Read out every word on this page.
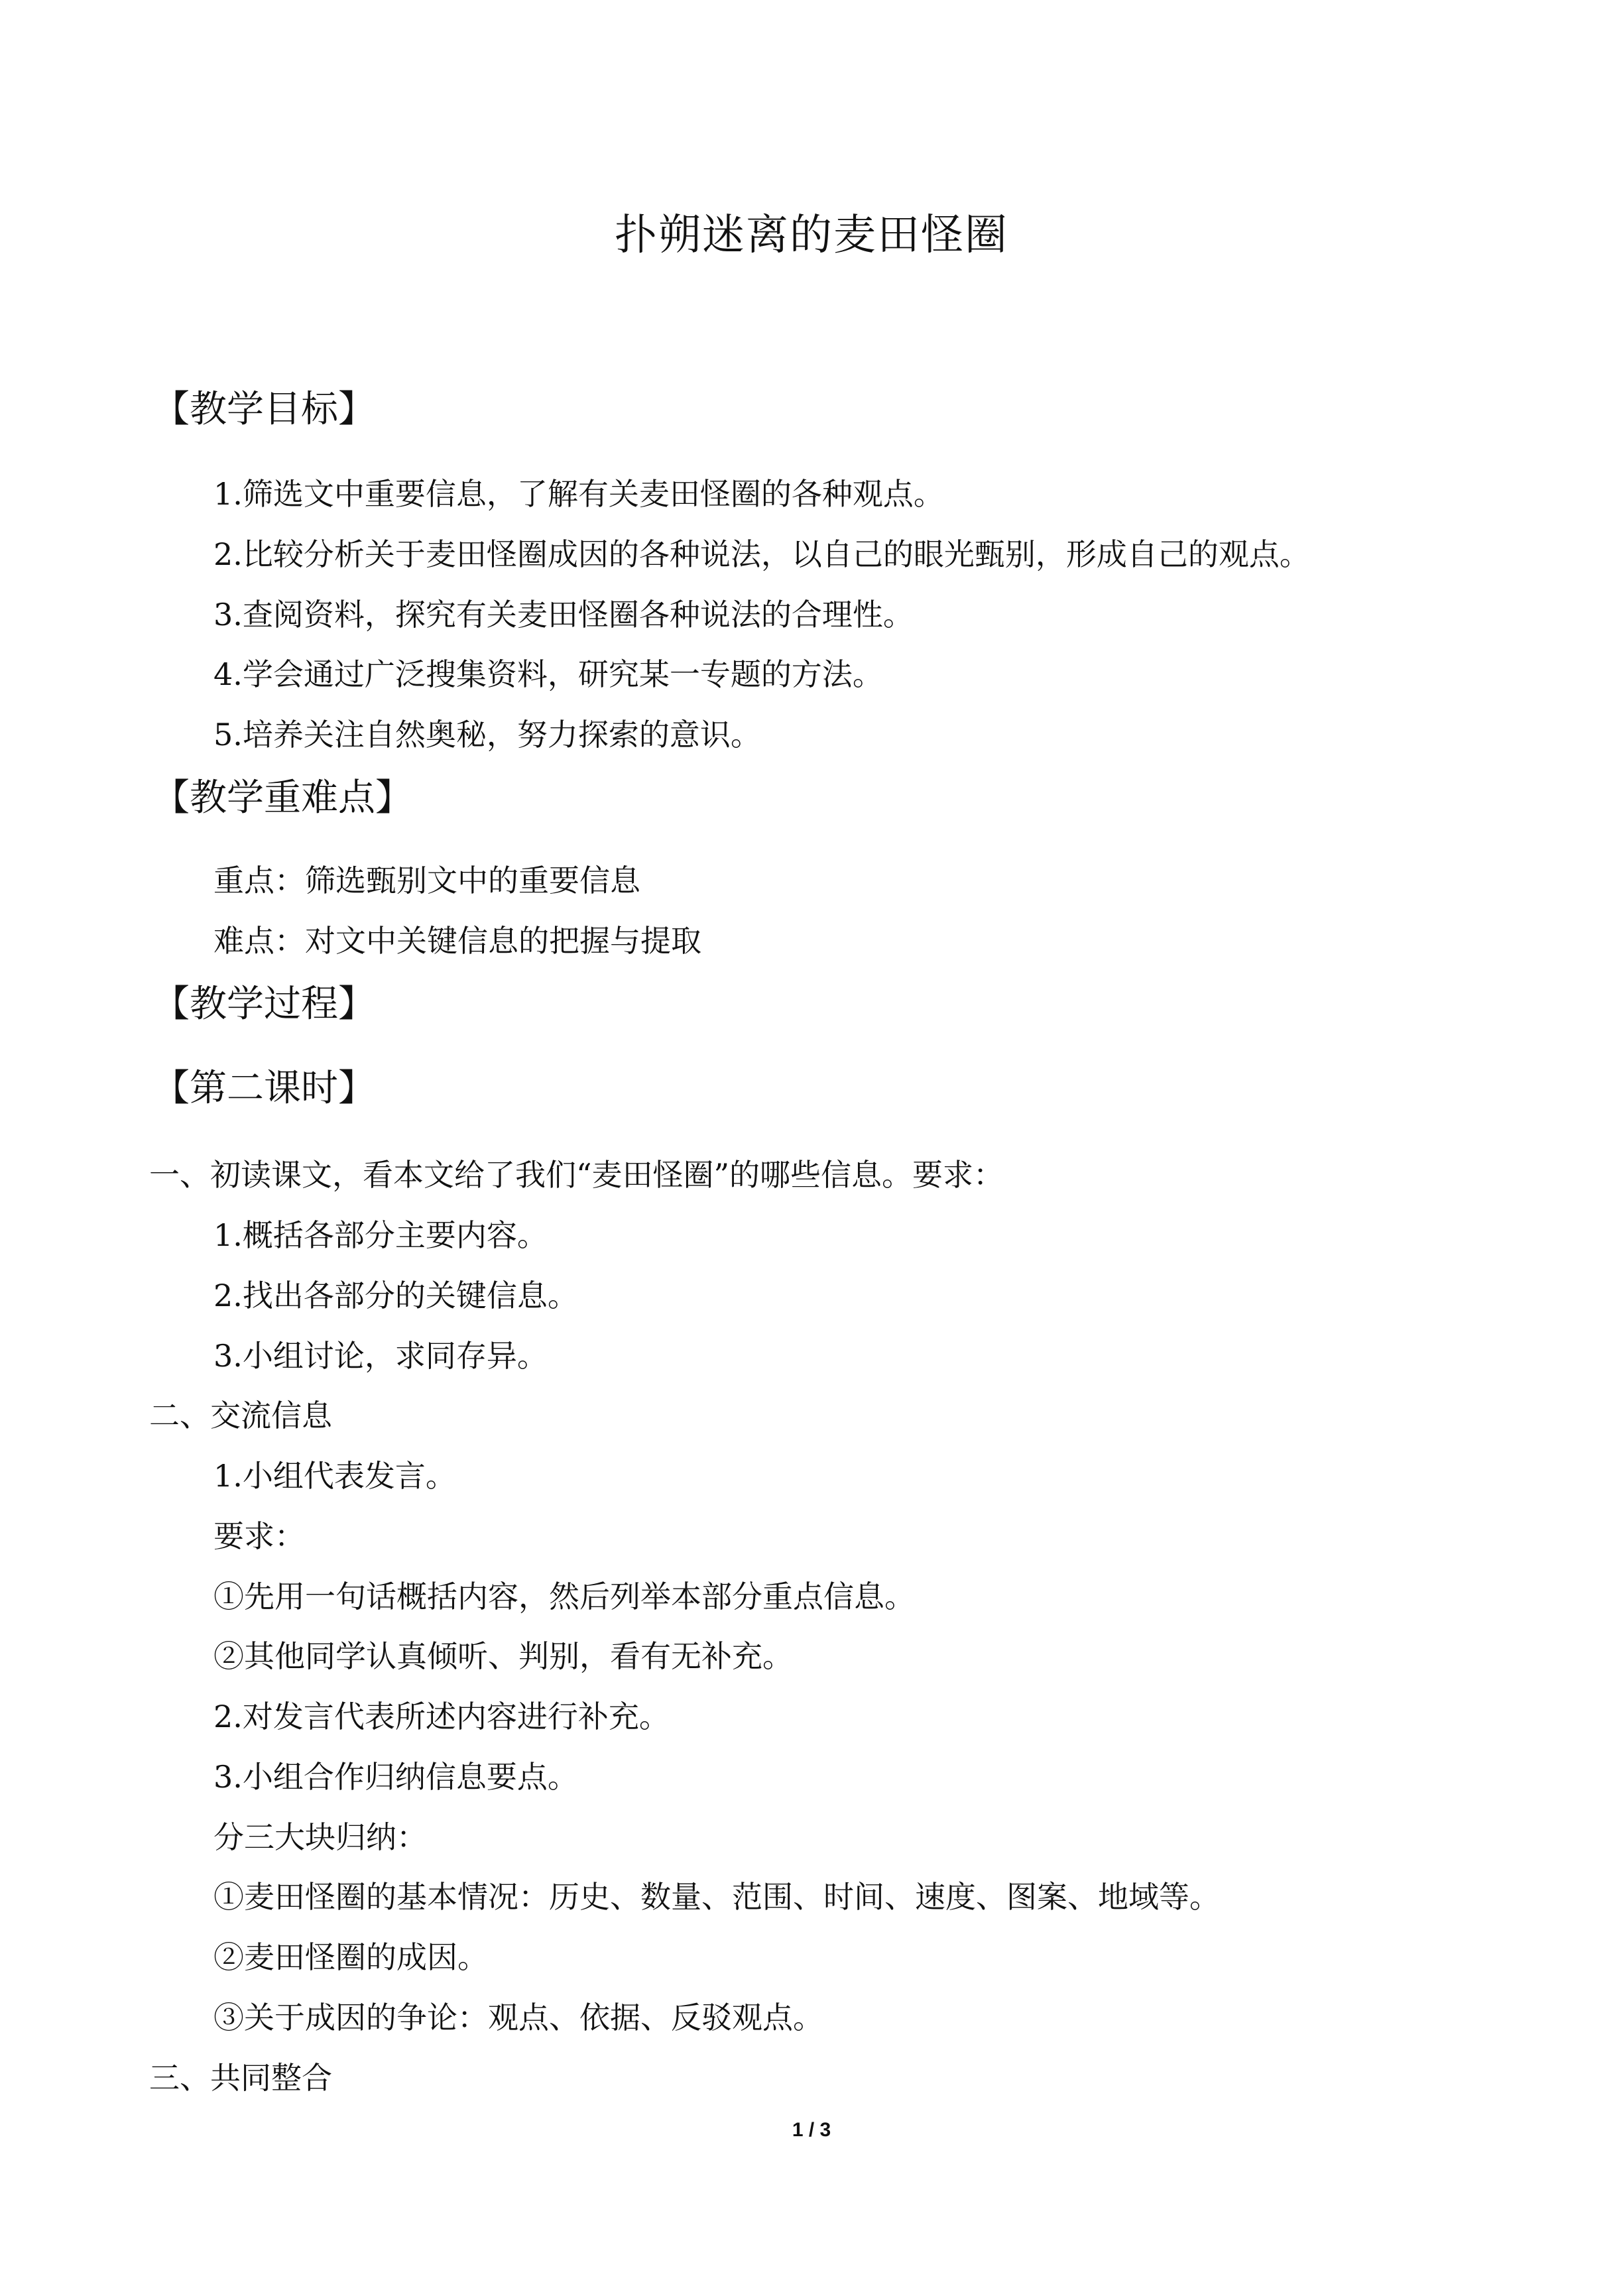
扑朔迷离的麦田怪圈
【教学目标】
1.筛选文中重要信息，了解有关麦田怪圈的各种观点。
2.比较分析关于麦田怪圈成因的各种说法，以自己的眼光甄别，形成自己的观点。
3.查阅资料，探究有关麦田怪圈各种说法的合理性。
4.学会通过广泛搜集资料，研究某一专题的方法。
5.培养关注自然奥秘，努力探索的意识。
【教学重难点】
重点：筛选甄别文中的重要信息
难点：对文中关键信息的把握与提取
【教学过程】
【第二课时】
一、初读课文，看本文给了我们“麦田怪圈”的哪些信息。要求：
1.概括各部分主要内容。
2.找出各部分的关键信息。
3.小组讨论，求同存异。
二、交流信息
1.小组代表发言。
要求：
①先用一句话概括内容，然后列举本部分重点信息。
②其他同学认真倾听、判别，看有无补充。
2.对发言代表所述内容进行补充。
3.小组合作归纳信息要点。
分三大块归纳：
①麦田怪圈的基本情况：历史、数量、范围、时间、速度、图案、地域等。
②麦田怪圈的成因。
③关于成因的争论：观点、依据、反驳观点。
三、共同整合
1 / 3
